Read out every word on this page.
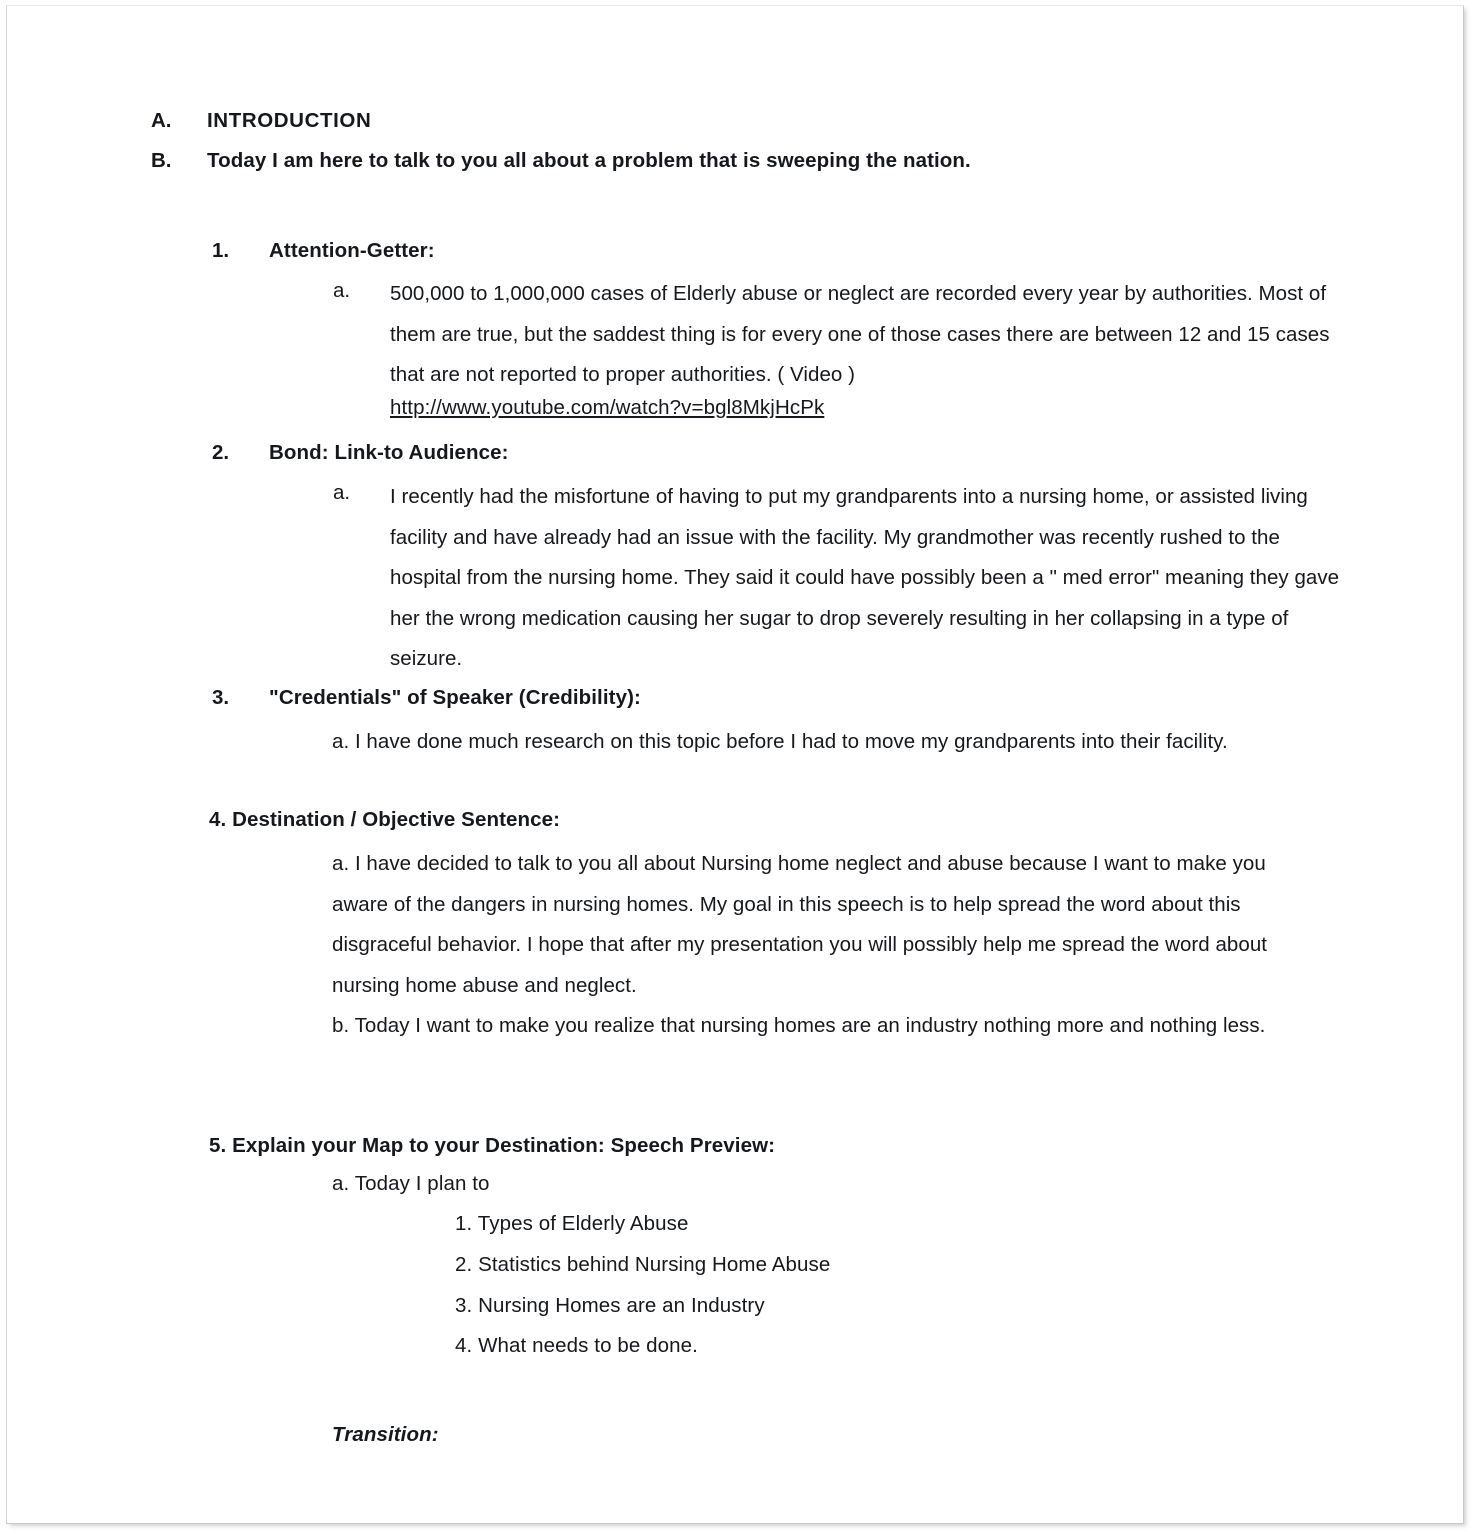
A. INTRODUCTION
B. Today I am here to talk to you all about a problem that is sweeping the nation.
1. Attention-Getter:
a. 500,000 to 1,000,000 cases of Elderly abuse or neglect are recorded every year by authorities. Most of them are true, but the saddest thing is for every one of those cases there are between 12 and 15 cases that are not reported to proper authorities. ( Video )
http://www.youtube.com/watch?v=bgl8MkjHcPk
2. Bond: Link-to Audience:
a. I recently had the misfortune of having to put my grandparents into a nursing home, or assisted living facility and have already had an issue with the facility. My grandmother was recently rushed to the hospital from the nursing home. They said it could have possibly been a " med error" meaning they gave her the wrong medication causing her sugar to drop severely resulting in her collapsing in a type of seizure.
3. "Credentials" of Speaker (Credibility):
a. I have done much research on this topic before I had to move my grandparents into their facility.
4. Destination / Objective Sentence:
a. I have decided to talk to you all about Nursing home neglect and abuse because I want to make you aware of the dangers in nursing homes. My goal in this speech is to help spread the word about this disgraceful behavior. I hope that after my presentation you will possibly help me spread the word about nursing home abuse and neglect.
b. Today I want to make you realize that nursing homes are an industry nothing more and nothing less.
5. Explain your Map to your Destination: Speech Preview:
a. Today I plan to
1. Types of Elderly Abuse
2. Statistics behind Nursing Home Abuse
3. Nursing Homes are an Industry
4. What needs to be done.
Transition:
